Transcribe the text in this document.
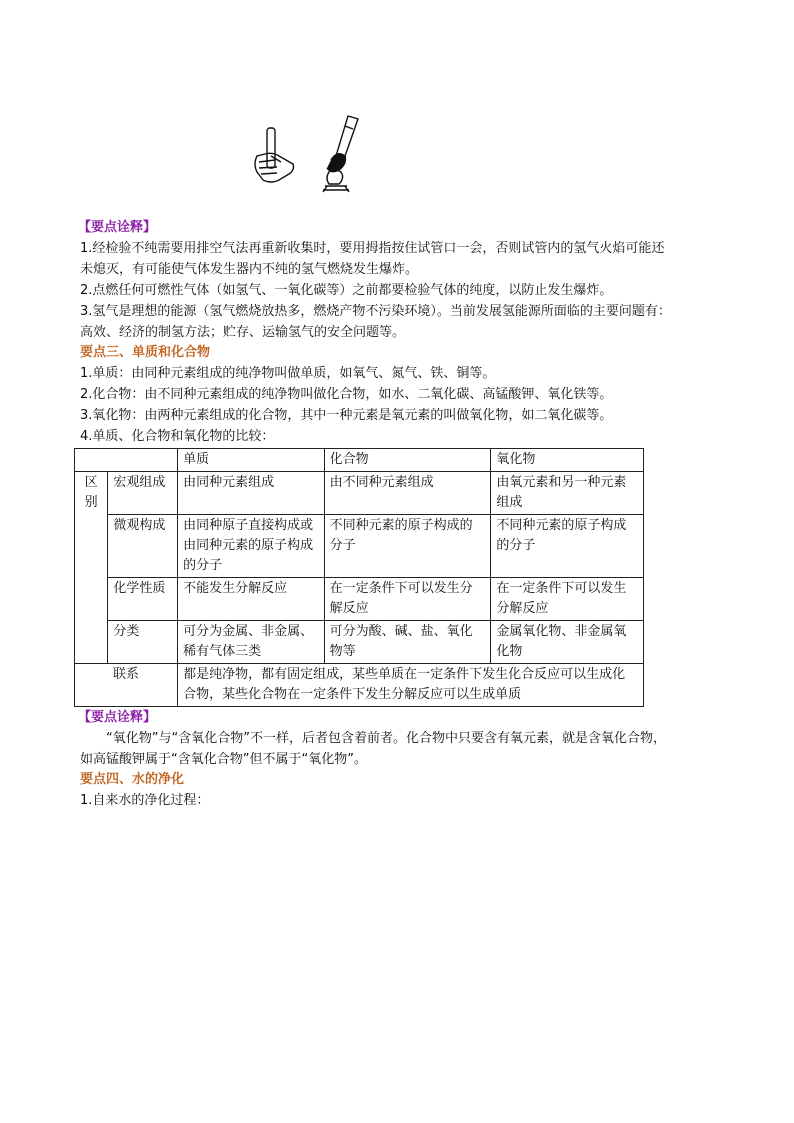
【要点诠释】

1.经检验不纯需要用排空气法再重新收集时，要用拇指按住试管口一会，否则试管内的氢气火焰可能还

未熄灭，有可能使气体发生器内不纯的氢气燃烧发生爆炸。

2.点燃任何可燃性气体（如氢气、一氧化碳等）之前都要检验气体的纯度，以防止发生爆炸。

3.氢气是理想的能源（氢气燃烧放热多，燃烧产物不污染环境）。当前发展氢能源所面临的主要问题有：

高效、经济的制氢方法；贮存、运输氢气的安全问题等。

要点三、单质和化合物

1.单质：由同种元素组成的纯净物叫做单质，如氧气、氮气、铁、铜等。

2.化合物：由不同种元素组成的纯净物叫做化合物，如水、二氧化碳、高锰酸钾、氧化铁等。

3.氧化物：由两种元素组成的化合物，其中一种元素是氧元素的叫做氧化物，如二氧化碳等。

4.单质、化合物和氧化物的比较：

		单质	化合物	氧化物

区
别	宏观组成	由同种元素组成	由不同种元素组成	由氧元素和另一种元素组成
	微观构成	由同种原子直接构成或由同种元素的原子构成的分子	不同种元素的原子构成的分子	不同种元素的原子构成的分子
	化学性质	不能发生分解反应	在一定条件下可以发生分解反应	在一定条件下可以发生分解反应
	分类	可分为金属、非金属、稀有气体三类	可分为酸、碱、盐、氧化物等	金属氧化物、非金属氧化物
联系		都是纯净物，都有固定组成，某些单质在一定条件下发生化合反应可以生成化合物，某些化合物在一定条件下发生分解反应可以生成单质		
【要点诠释】

“氧化物”与“含氧化合物”不一样，后者包含着前者。化合物中只要含有氧元素，就是含氧化合物，

如高锰酸钾属于“含氧化合物”但不属于“氧化物”。

要点四、水的净化

1.自来水的净化过程：
